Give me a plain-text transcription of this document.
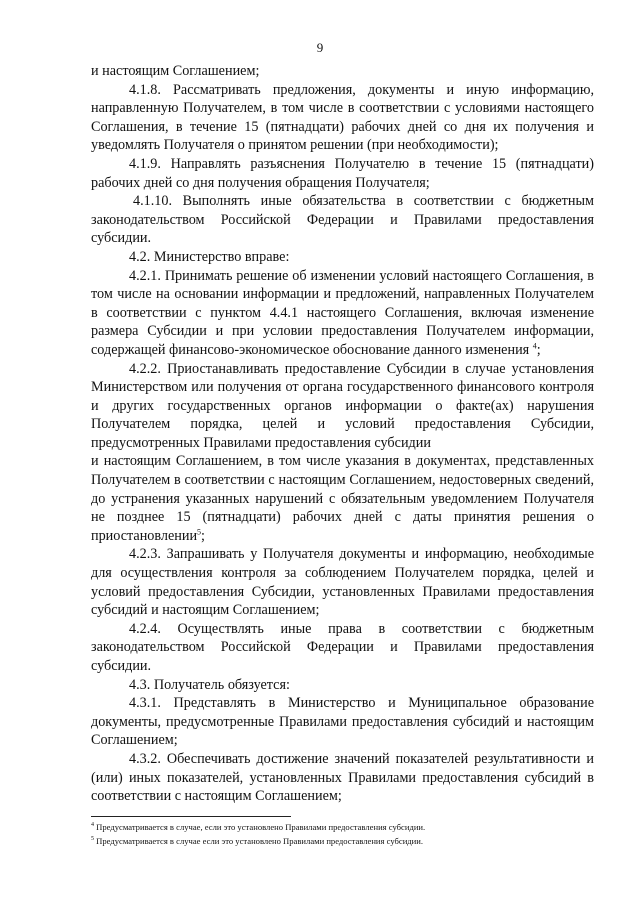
9

и настоящим Соглашением;

4.1.8. Рассматривать предложения, документы и иную информацию, направленную Получателем, в том числе в соответствии с условиями настоящего Соглашения, в течение 15 (пятнадцати) рабочих дней со дня их получения и уведомлять Получателя о принятом решении (при необходимости);

4.1.9. Направлять разъяснения Получателю в течение 15 (пятнадцати) рабочих дней со дня получения обращения Получателя;

4.1.10. Выполнять иные обязательства в соответствии с бюджетным законодательством Российской Федерации и Правилами предоставления субсидии.

4.2. Министерство вправе:

4.2.1. Принимать решение об изменении условий настоящего Соглашения, в том числе на основании информации и предложений, направленных Получателем в соответствии с пунктом 4.4.1 настоящего Соглашения, включая изменение размера Субсидии и при условии предоставления Получателем информации, содержащей финансово-экономическое обоснование данного изменения $^4$;

4.2.2. Приостанавливать предоставление Субсидии в случае установления Министерством или получения от органа государственного финансового контроля и других государственных органов информации о факте(ах) нарушения Получателем порядка, целей и условий предоставления Субсидии, предусмотренных Правилами предоставления субсидии

и настоящим Соглашением, в том числе указания в документах, представленных Получателем в соответствии с настоящим Соглашением, недостоверных сведений, до устранения указанных нарушений с обязательным уведомлением Получателя не позднее 15 (пятнадцати) рабочих дней с даты принятия решения о приостановлении$^5$;

4.2.3. Запрашивать у Получателя документы и информацию, необходимые для осуществления контроля за соблюдением Получателем порядка, целей и условий предоставления Субсидии, установленных Правилами предоставления субсидий и настоящим Соглашением;

4.2.4. Осуществлять иные права в соответствии с бюджетным законодательством Российской Федерации и Правилами предоставления субсидии.

4.3. Получатель обязуется:

4.3.1. Представлять в Министерство и Муниципальное образование документы, предусмотренные Правилами предоставления субсидий и настоящим Соглашением;

4.3.2. Обеспечивать достижение значений показателей результативности и (или) иных показателей, установленных Правилами предоставления субсидий в соответствии с настоящим Соглашением;

$^4$ Предусматривается в случае, если это установлено Правилами предоставления субсидии.

$^5$ Предусматривается в случае если это установлено Правилами предоставления субсидии.
